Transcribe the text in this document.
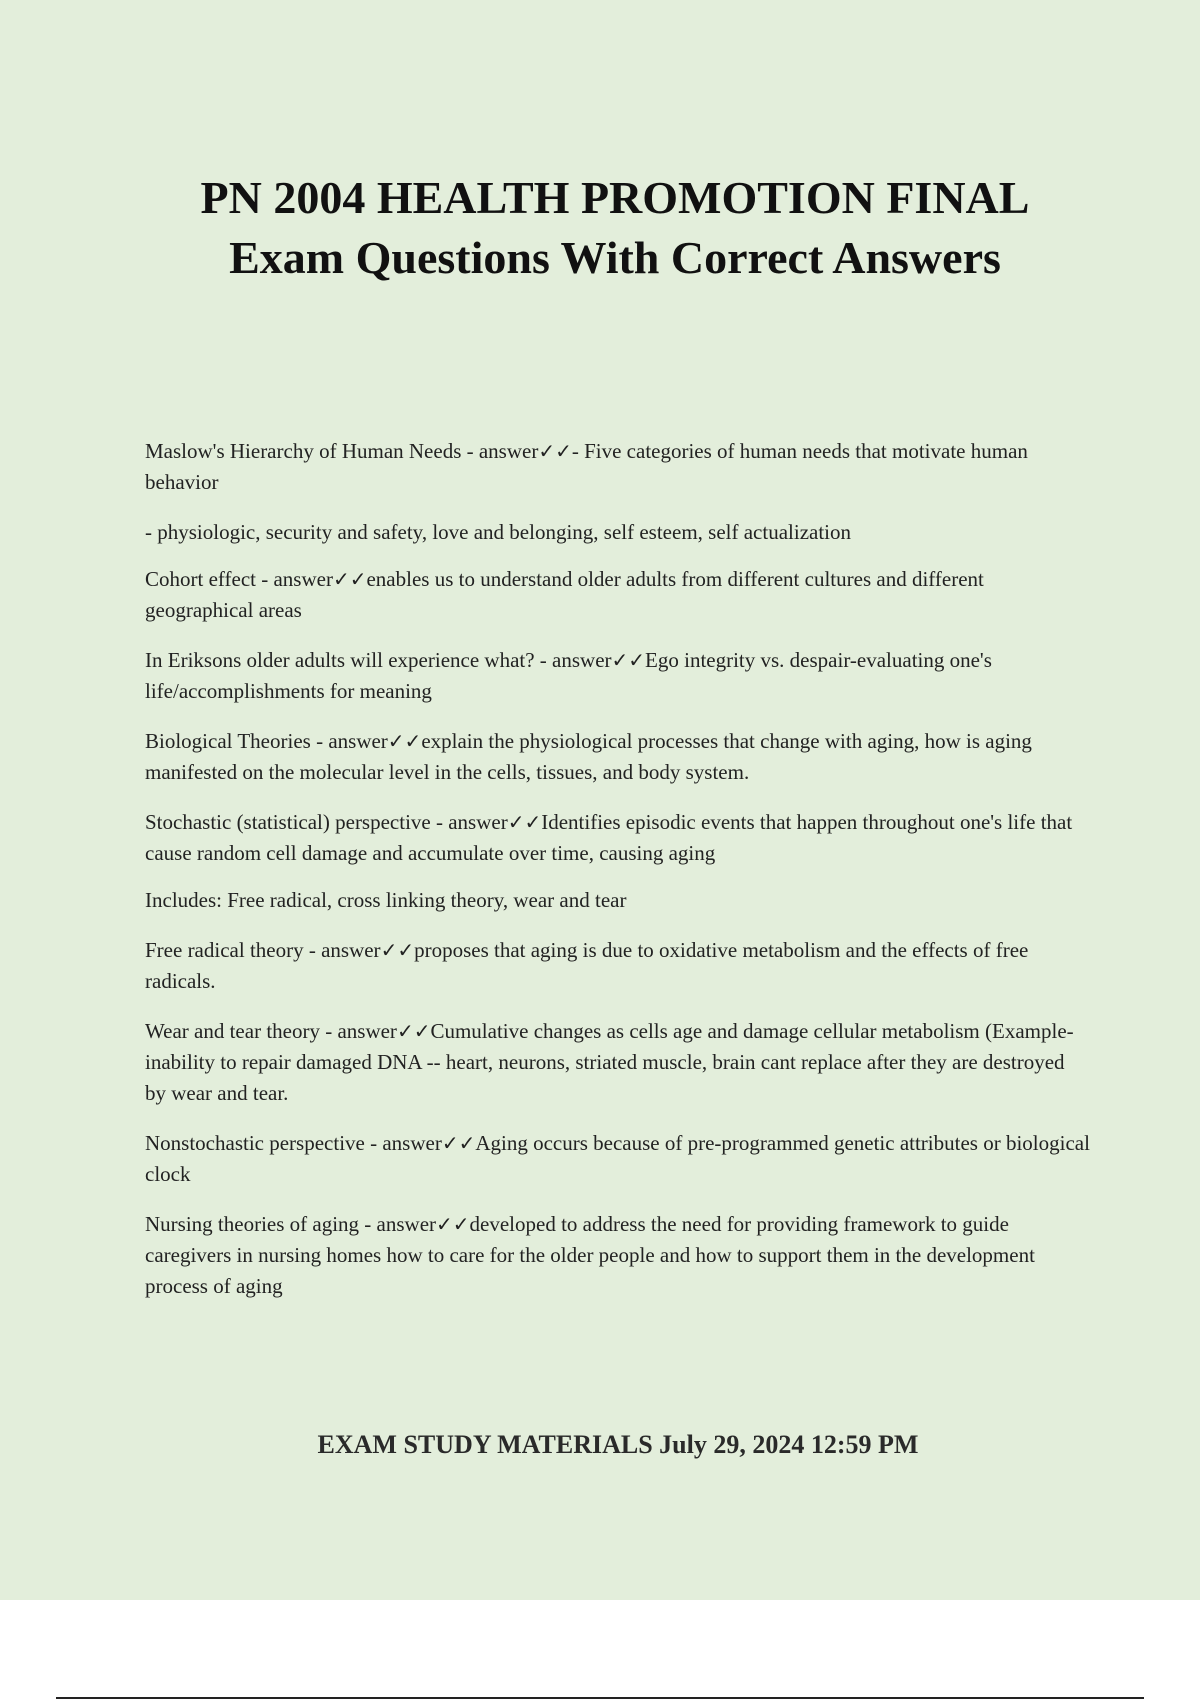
PN 2004 HEALTH PROMOTION FINAL
Exam Questions With Correct Answers

Maslow's Hierarchy of Human Needs - answer✓✓- Five categories of human needs that motivate human behavior

- physiologic, security and safety, love and belonging, self esteem, self actualization

Cohort effect - answer✓✓enables us to understand older adults from different cultures and different geographical areas

In Eriksons older adults will experience what? - answer✓✓Ego integrity vs. despair-evaluating one's life/accomplishments for meaning

Biological Theories - answer✓✓explain the physiological processes that change with aging, how is aging manifested on the molecular level in the cells, tissues, and body system.

Stochastic (statistical) perspective - answer✓✓Identifies episodic events that happen throughout one's life that cause random cell damage and accumulate over time, causing aging

Includes: Free radical, cross linking theory, wear and tear

Free radical theory - answer✓✓proposes that aging is due to oxidative metabolism and the effects of free radicals.

Wear and tear theory - answer✓✓Cumulative changes as cells age and damage cellular metabolism (Example-inability to repair damaged DNA -- heart, neurons, striated muscle, brain cant replace after they are destroyed by wear and tear.

Nonstochastic perspective - answer✓✓Aging occurs because of pre-programmed genetic attributes or biological clock

Nursing theories of aging - answer✓✓developed to address the need for providing framework to guide caregivers in nursing homes how to care for the older people and how to support them in the development process of aging

EXAM STUDY MATERIALS July 29, 2024 12:59 PM
